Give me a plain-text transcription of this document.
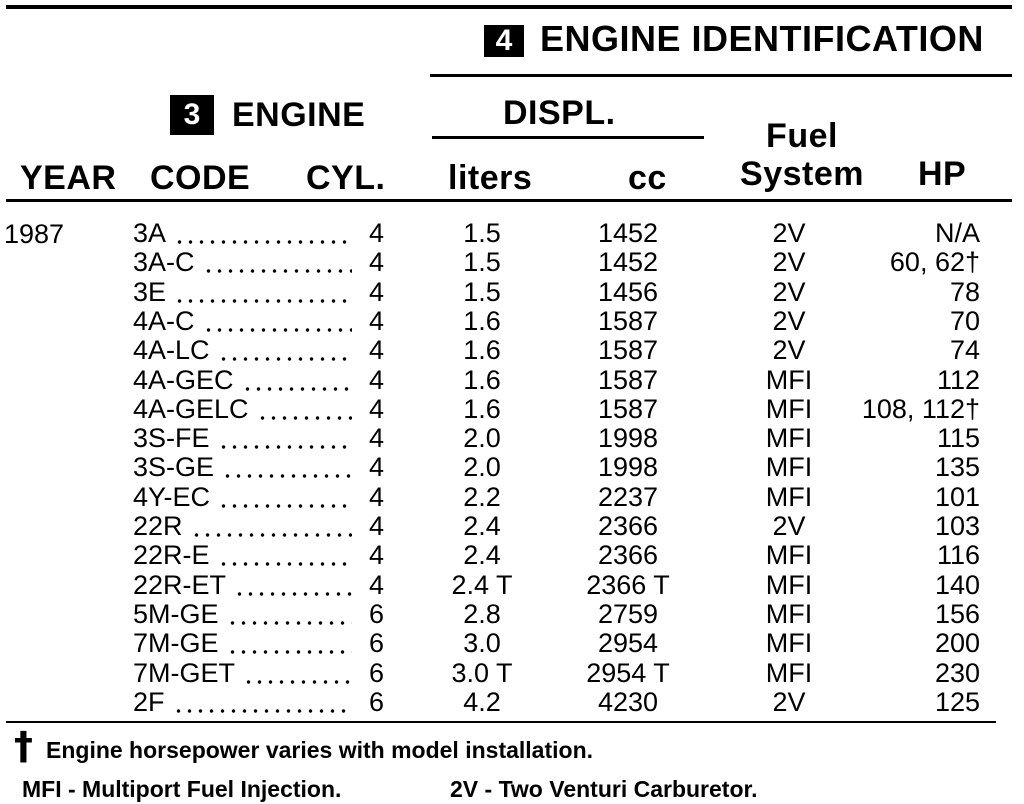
4 ENGINE IDENTIFICATION
3 ENGINE	DISPL.
YEAR CODE CYL. liters	cc
Fuel
System	HP
1987	3A	4	1.5	1452	2V	N/A
3A-C	4	1.5	1452	2V	60, 62†
3E	4	1.5	1456	2V	78
4A-C	4	1.6	1587	2V	70
4A-LC	4	1.6	1587	2V	74
4A-GEC	4	1.6	1587	MFI	112
4A-GELC	4	1.6	1587	MFI	108, 112†
3S-FE	4	2.0	1998	MFI	115
3S-GE	4	2.0	1998	MFI	135
4Y-EC	4	2.2	2237	MFI	101
22R	4	2.4	2366	2V	103
22R-E	4	2.4	2366	MFI	116
22R-ET	4	2.4 T	2366 T	MFI	140
5M-GE	6	2.8	2759	MFI	156
7M-GE	6	3.0	2954	MFI	200
7M-GET	6	3.0 T	2954 T	MFI	230
2F	6	4.2	4230	2V	125
† Engine horsepower varies with model installation.
MFI - Multiport Fuel Injection.	2V - Two Venturi Carburetor.
